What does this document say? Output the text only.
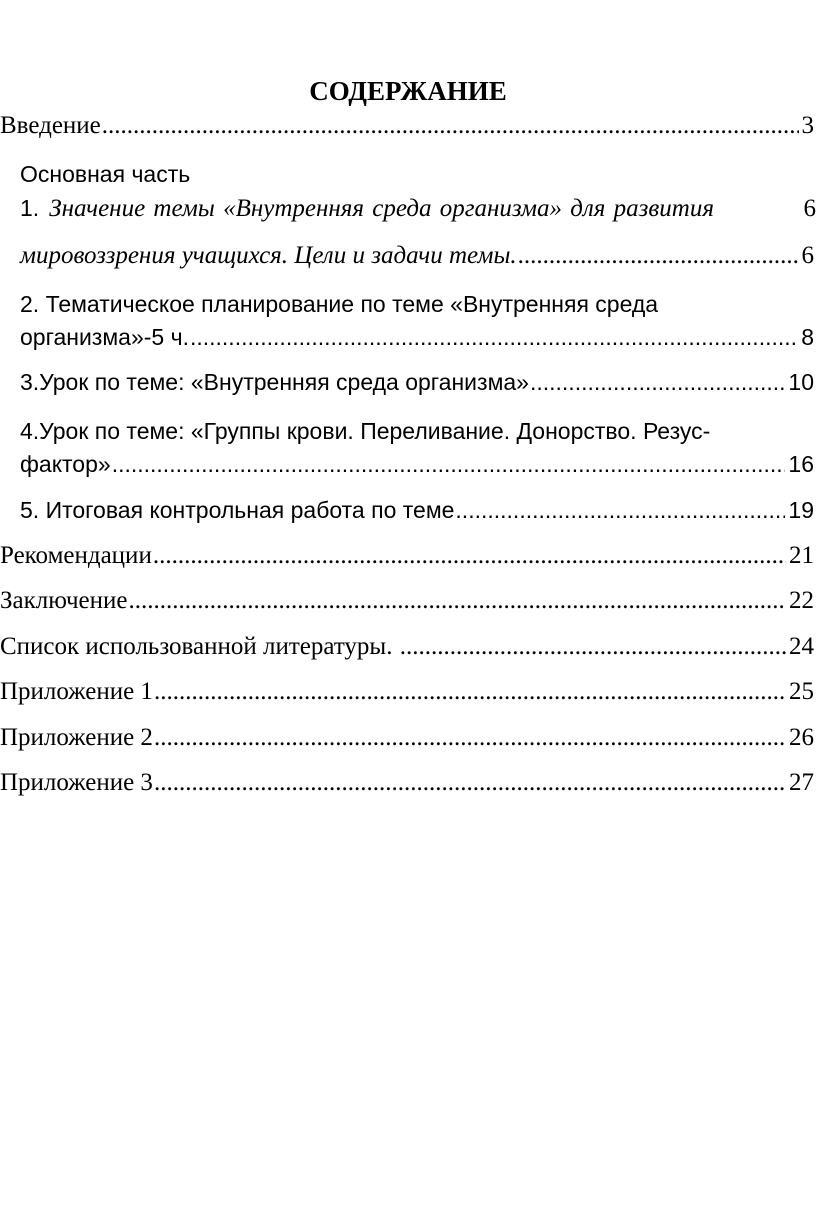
СОДЕРЖАНИЕ
Введение .....	3
Основная часть
1. Значение темы «Внутренняя среда организма» для развития	6
мировоззрения учащихся. Цели и задачи темы. .....	6
2. Тематическое планирование по теме «Внутренняя среда
организма»-5 ч. .....	8
3.Урок по теме: «Внутренняя среда организма» .....	10
4.Урок по теме: «Группы крови. Переливание. Донорство. Резус-
фактор» .....	16
5. Итоговая контрольная работа по теме .....	19
Рекомендации .....	21
Заключение .....	22
Список использованной литературы. .....	24
Приложение 1 .....	25
Приложение 2 .....	26
Приложение 3 .....	27
